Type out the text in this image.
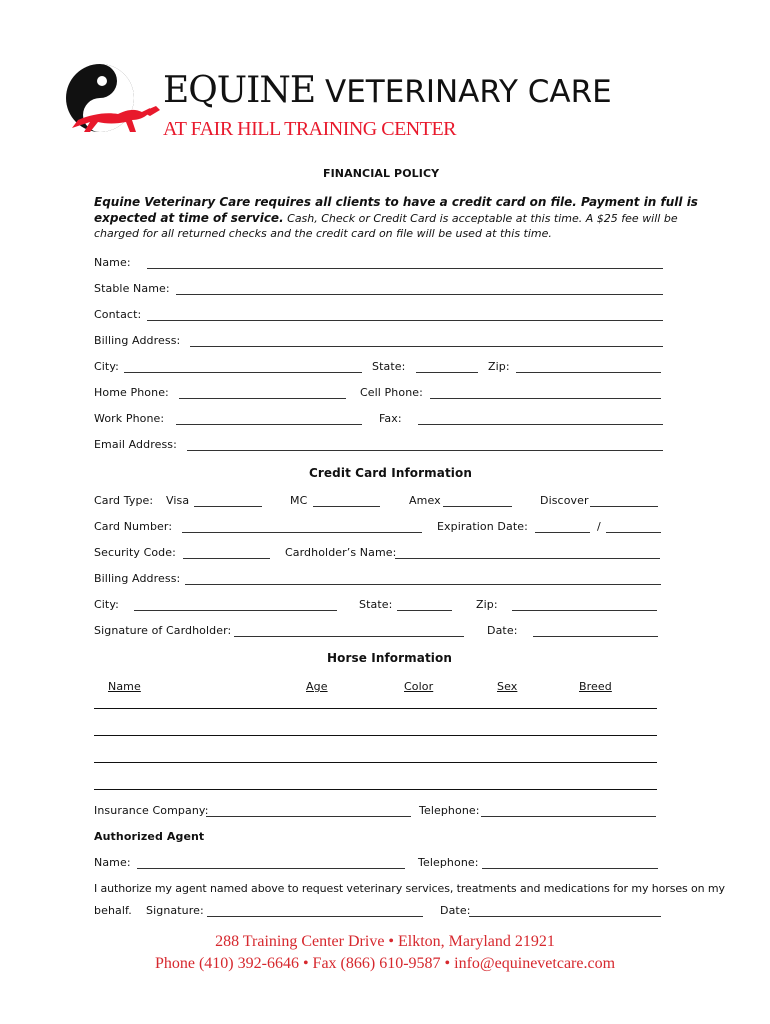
EQUINE VETERINARY CARE
AT FAIR HILL TRAINING CENTER
FINANCIAL POLICY
Equine Veterinary Care requires all clients to have a credit card on file. Payment in full is
expected at time of service. Cash, Check or Credit Card is acceptable at this time. A $25 fee will be
charged for all returned checks and the credit card on file will be used at this time.
Name:
Stable Name:
Contact:
Billing Address:
City:	State:	Zip:
Home Phone:	Cell Phone:
Work Phone:	Fax:
Email Address:
Credit Card Information
Card Type: Visa	MC	Amex	Discover
Card Number:	Expiration Date:	/
Security Code:	Cardholder’s Name:
Billing Address:
City:	State:	Zip:
Signature of Cardholder:	Date:
Horse Information
Name	Age	Color	Sex	Breed
Insurance Company:	Telephone:
Authorized Agent
Name:	Telephone:
I authorize my agent named above to request veterinary services, treatments and medications for my horses on my
behalf. Signature:	Date:
288 Training Center Drive • Elkton, Maryland 21921
Phone (410) 392-6646 • Fax (866) 610-9587 • info@equinevetcare.com
